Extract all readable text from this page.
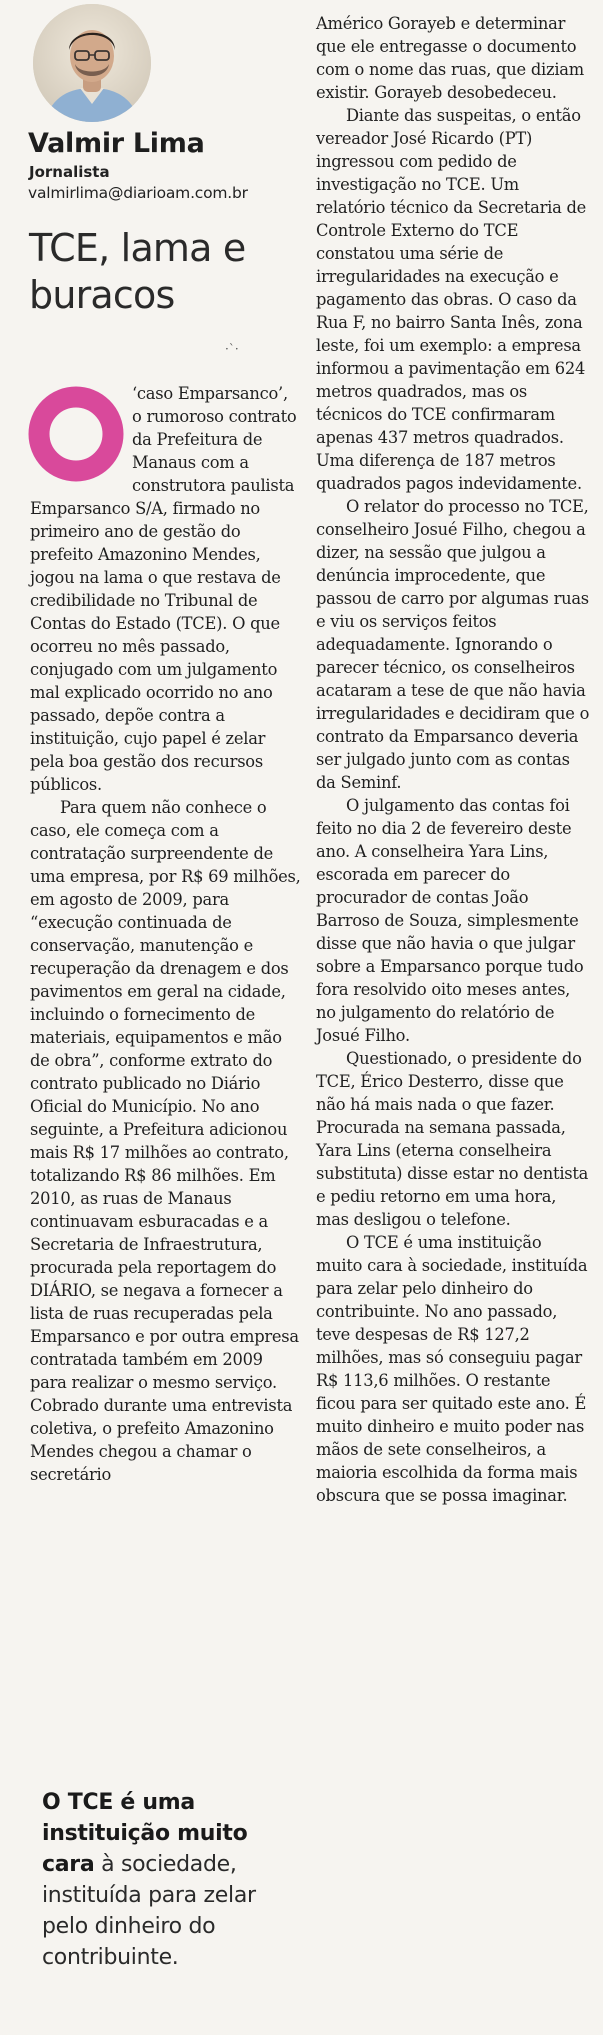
Valmir Lima
Jornalista
valmirlima@diarioam.com.br
TCE, lama e buracos
·`·

‘caso Emparsanco’, o rumoroso contrato da Prefeitura de Manaus com a construtora paulista Emparsanco S/A, firmado no primeiro ano de gestão do prefeito Amazonino Mendes, jogou na lama o que restava de credibilidade no Tribunal de Contas do Estado (TCE). O que ocorreu no mês passado, conjugado com um julgamento mal explicado ocorrido no ano passado, depõe contra a instituição, cujo papel é zelar pela boa gestão dos recursos públicos.

Para quem não conhece o caso, ele começa com a contratação surpreendente de uma empresa, por R$ 69 milhões, em agosto de 2009, para “execução continuada de conservação, manutenção e recuperação da drenagem e dos pavimentos em geral na cidade, incluindo o fornecimento de materiais, equipamentos e mão de obra”, conforme extrato do contrato publicado no Diário Oficial do Município. No ano seguinte, a Prefeitura adicionou mais R$ 17 milhões ao contrato, totalizando R$ 86 milhões. Em 2010, as ruas de Manaus continuavam esburacadas e a Secretaria de Infraestrutura, procurada pela reportagem do DIÁRIO, se negava a fornecer a lista de ruas recuperadas pela Emparsanco e por outra empresa contratada também em 2009 para realizar o mesmo serviço. Cobrado durante uma entrevista coletiva, o prefeito Amazonino Mendes chegou a chamar o secretário

Américo Gorayeb e determinar que ele entregasse o documento com o nome das ruas, que diziam existir. Gorayeb desobedeceu.

Diante das suspeitas, o então vereador José Ricardo (PT) ingressou com pedido de investigação no TCE. Um relatório técnico da Secretaria de Controle Externo do TCE constatou uma série de irregularidades na execução e pagamento das obras. O caso da Rua F, no bairro Santa Inês, zona leste, foi um exemplo: a empresa informou a pavimentação em 624 metros quadrados, mas os técnicos do TCE confirmaram apenas 437 metros quadrados. Uma diferença de 187 metros quadrados pagos indevidamente.

O relator do processo no TCE, conselheiro Josué Filho, chegou a dizer, na sessão que julgou a denúncia improcedente, que passou de carro por algumas ruas e viu os serviços feitos adequadamente. Ignorando o parecer técnico, os conselheiros acataram a tese de que não havia irregularidades e decidiram que o contrato da Emparsanco deveria ser julgado junto com as contas da Seminf.

O julgamento das contas foi feito no dia 2 de fevereiro deste ano. A conselheira Yara Lins, escorada em parecer do procurador de contas João Barroso de Souza, simplesmente disse que não havia o que julgar sobre a Emparsanco porque tudo fora resolvido oito meses antes, no julgamento do relatório de Josué Filho.

Questionado, o presidente do TCE, Érico Desterro, disse que não há mais nada o que fazer. Procurada na semana passada, Yara Lins (eterna conselheira substituta) disse estar no dentista e pediu retorno em uma hora, mas desligou o telefone.

O TCE é uma instituição muito cara à sociedade, instituída para zelar pelo dinheiro do contribuinte. No ano passado, teve despesas de R$ 127,2 milhões, mas só conseguiu pagar R$ 113,6 milhões. O restante ficou para ser quitado este ano. É muito dinheiro e muito poder nas mãos de sete conselheiros, a maioria escolhida da forma mais obscura que se possa imaginar.

O TCE é uma instituição muito cara à sociedade, instituída para zelar pelo dinheiro do contribuinte.
